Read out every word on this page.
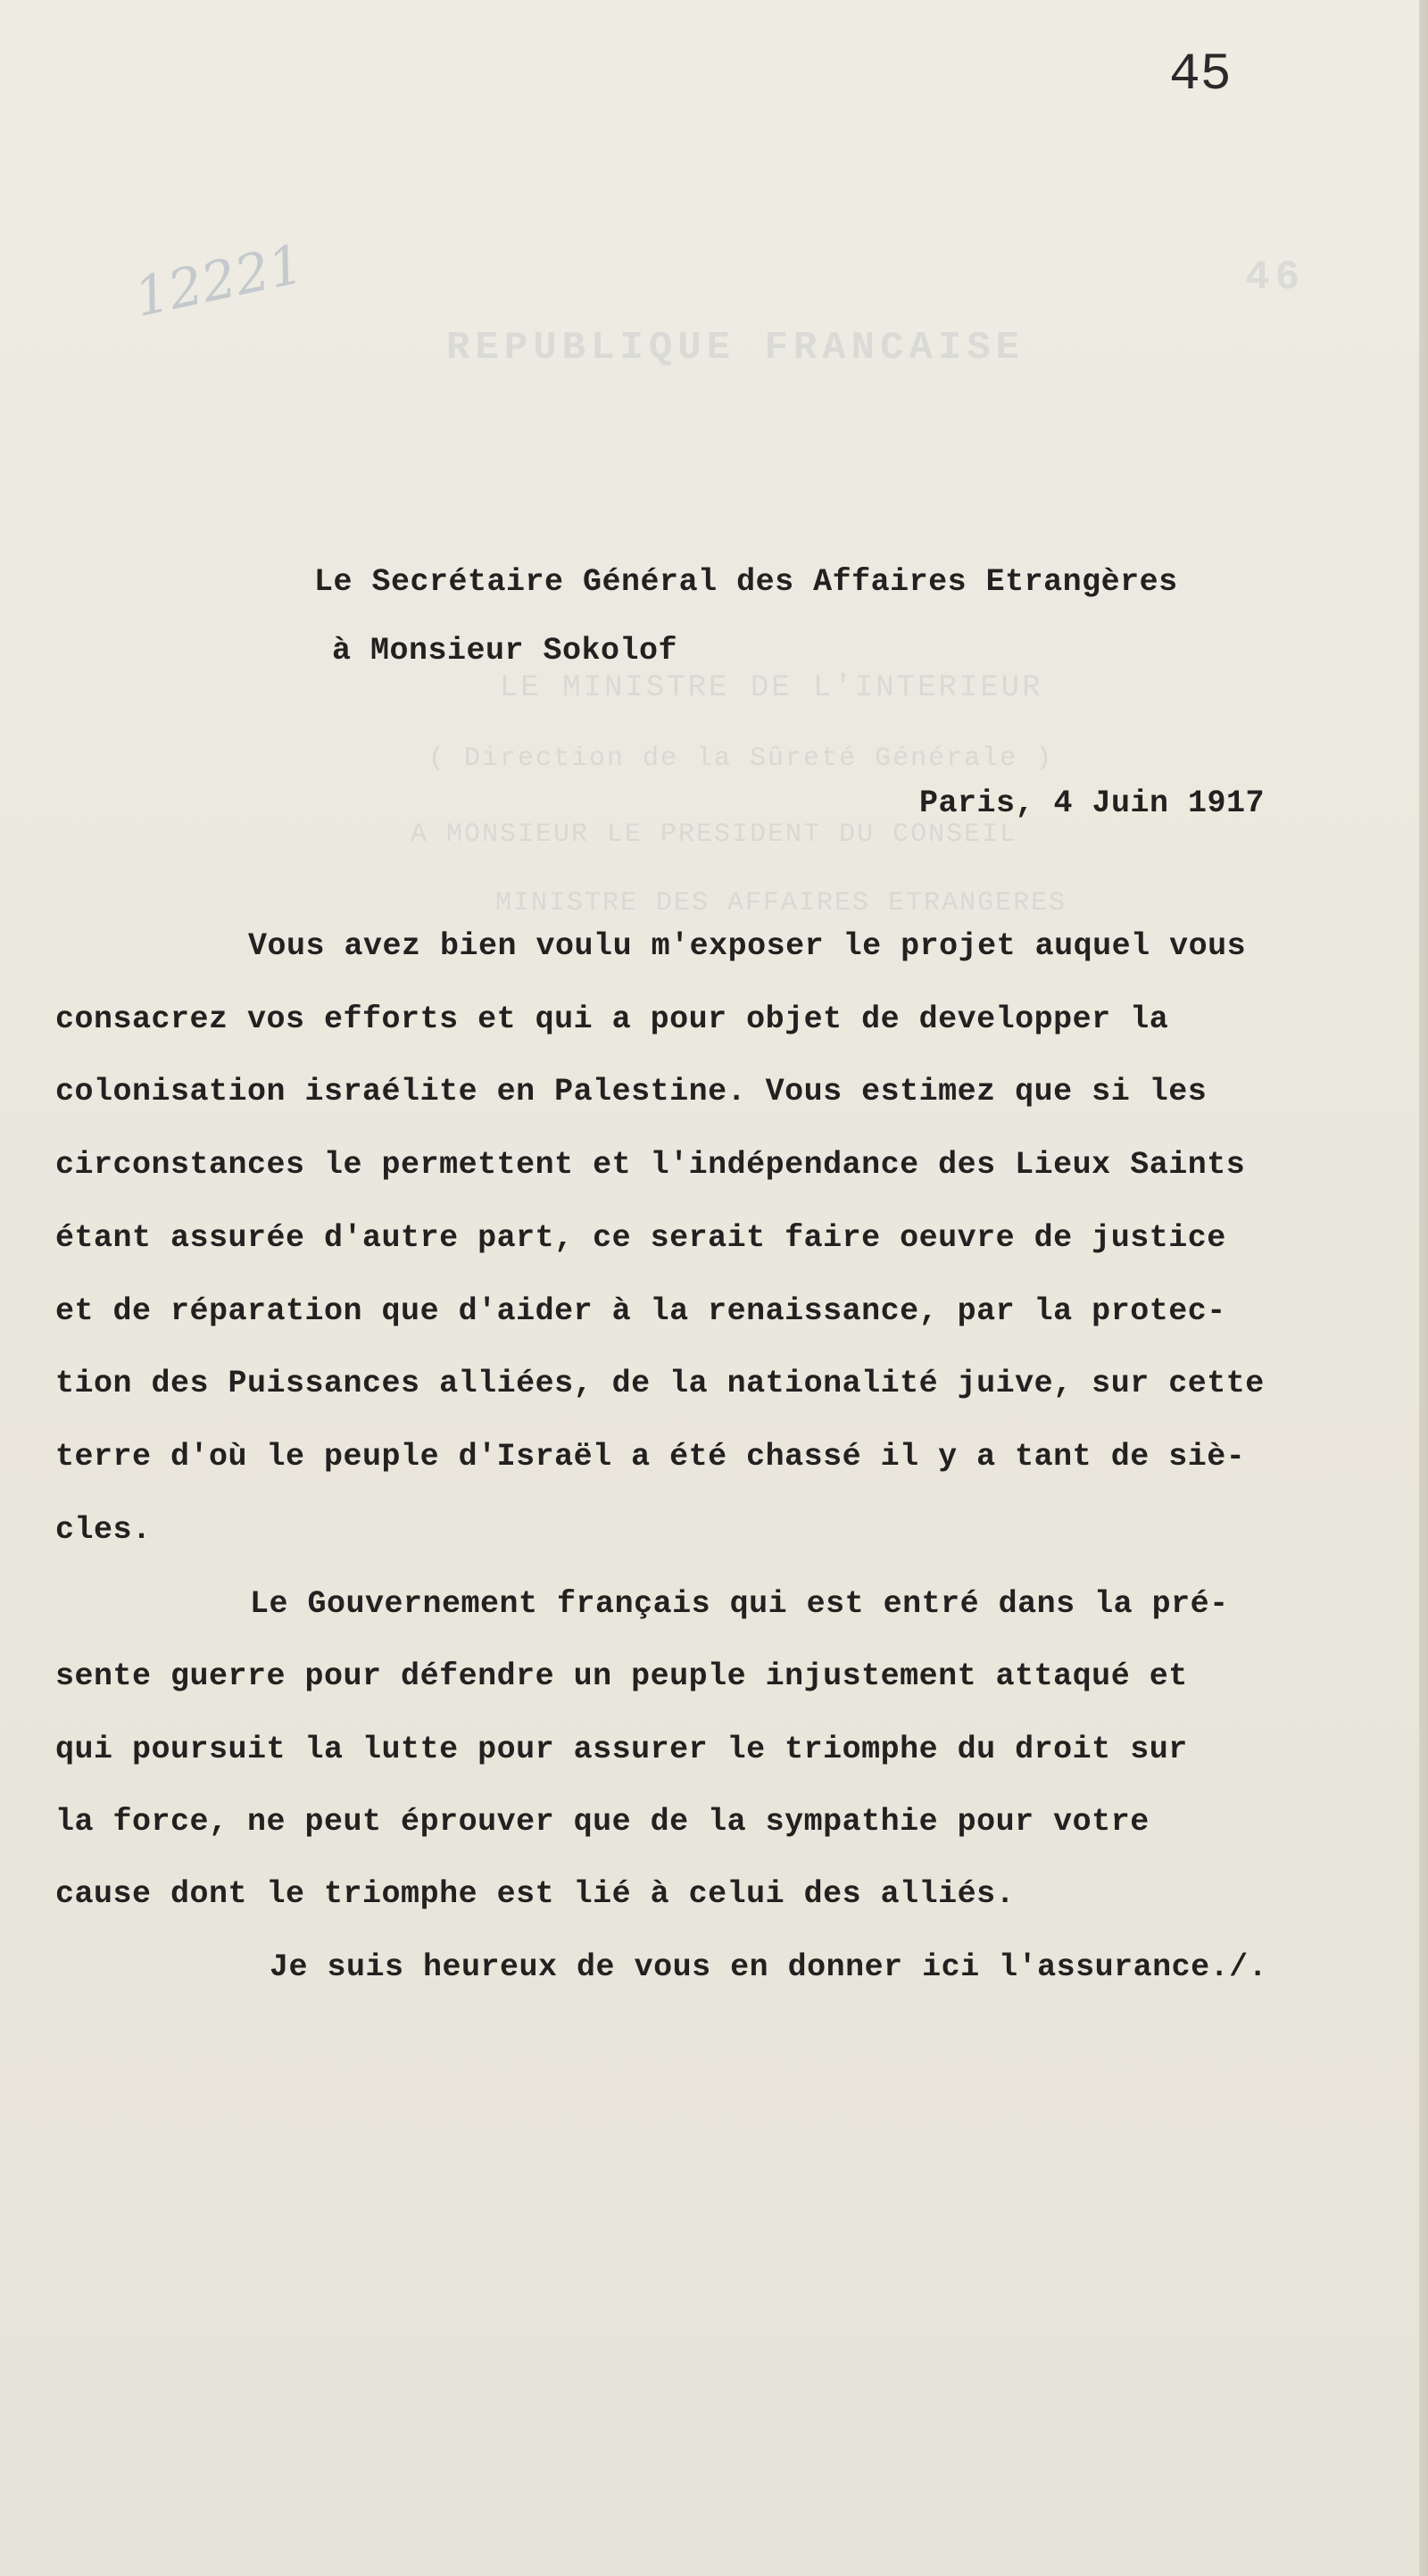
REPUBLIQUE FRANCAISE
46
LE MINISTRE DE L'INTERIEUR
( Direction de la Sûreté Générale )
A MONSIEUR LE PRESIDENT DU CONSEIL
MINISTRE DES AFFAIRES ETRANGERES
12221
45
Le Secrétaire Général des Affaires Etrangères
à Monsieur Sokolof
Paris, 4 Juin 1917
Vous avez bien voulu m'exposer le projet auquel vous
consacrez vos efforts et qui a pour objet de developper la
colonisation israélite en Palestine. Vous estimez que si les
circonstances le permettent et l'indépendance des Lieux Saints
étant assurée d'autre part, ce serait faire oeuvre de justice
et de réparation que d'aider à la renaissance, par la protec-
tion des Puissances alliées, de la nationalité juive, sur cette
terre d'où le peuple d'Israël a été chassé il y a tant de siè-
cles.
Le Gouvernement français qui est entré dans la pré-
sente guerre pour défendre un peuple injustement attaqué et
qui poursuit la lutte pour assurer le triomphe du droit sur
la force, ne peut éprouver que de la sympathie pour votre
cause dont le triomphe est lié à celui des alliés.
Je suis heureux de vous en donner ici l'assurance./.
